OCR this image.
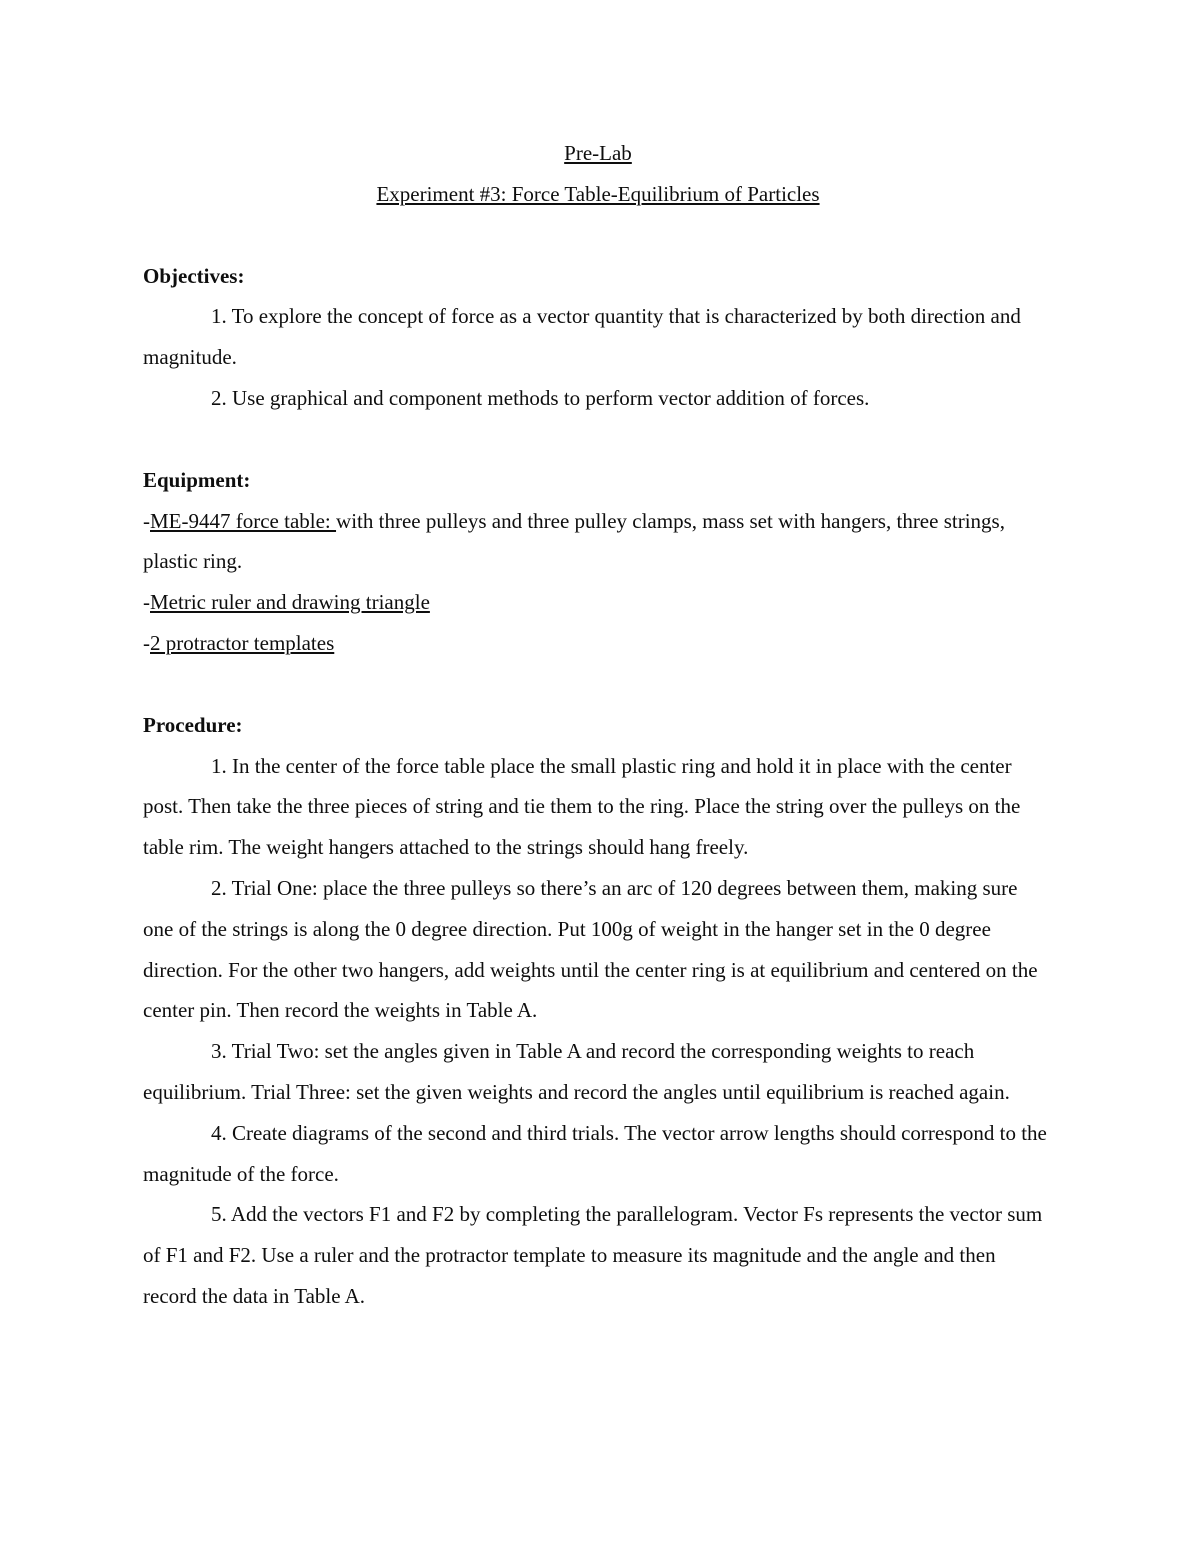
Pre-Lab
Experiment #3: Force Table-Equilibrium of Particles
Objectives:

1. To explore the concept of force as a vector quantity that is characterized by both direction and magnitude.

2. Use graphical and component methods to perform vector addition of forces.

Equipment:

-ME-9447 force table: with three pulleys and three pulley clamps, mass set with hangers, three strings, plastic ring.

-Metric ruler and drawing triangle

-2 protractor templates

Procedure:

1. In the center of the force table place the small plastic ring and hold it in place with the center post. Then take the three pieces of string and tie them to the ring. Place the string over the pulleys on the table rim. The weight hangers attached to the strings should hang freely.

2. Trial One: place the three pulleys so there’s an arc of 120 degrees between them, making sure one of the strings is along the 0 degree direction. Put 100g of weight in the hanger set in the 0 degree direction. For the other two hangers, add weights until the center ring is at equilibrium and centered on the center pin. Then record the weights in Table A.

3. Trial Two: set the angles given in Table A and record the corresponding weights to reach equilibrium. Trial Three: set the given weights and record the angles until equilibrium is reached again.

4. Create diagrams of the second and third trials. The vector arrow lengths should correspond to the magnitude of the force.

5. Add the vectors F1 and F2 by completing the parallelogram. Vector Fs represents the vector sum of F1 and F2. Use a ruler and the protractor template to measure its magnitude and the angle and then record the data in Table A.
